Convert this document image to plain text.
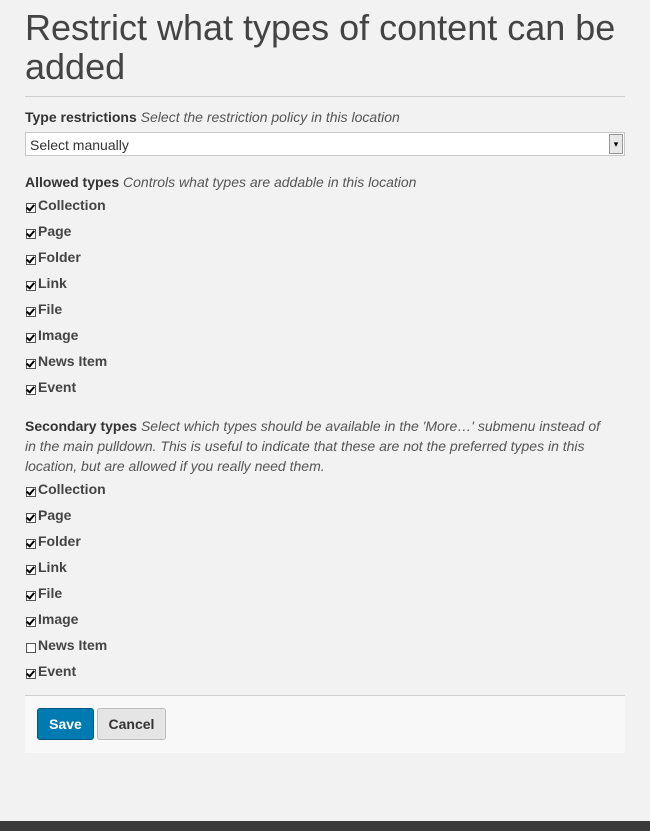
Restrict what types of content can be added
Type restrictions Select the restriction policy in this location
Select manually	▾
Allowed types Controls what types are addable in this location
Collection
Page
Folder
Link
File
Image
News Item
Event
Secondary types Select which types should be available in the 'More…' submenu instead of in the main pulldown. This is useful to indicate that these are not the preferred types in this location, but are allowed if you really need them.
Collection
Page
Folder
Link
File
Image
News Item
Event
Save	Cancel
